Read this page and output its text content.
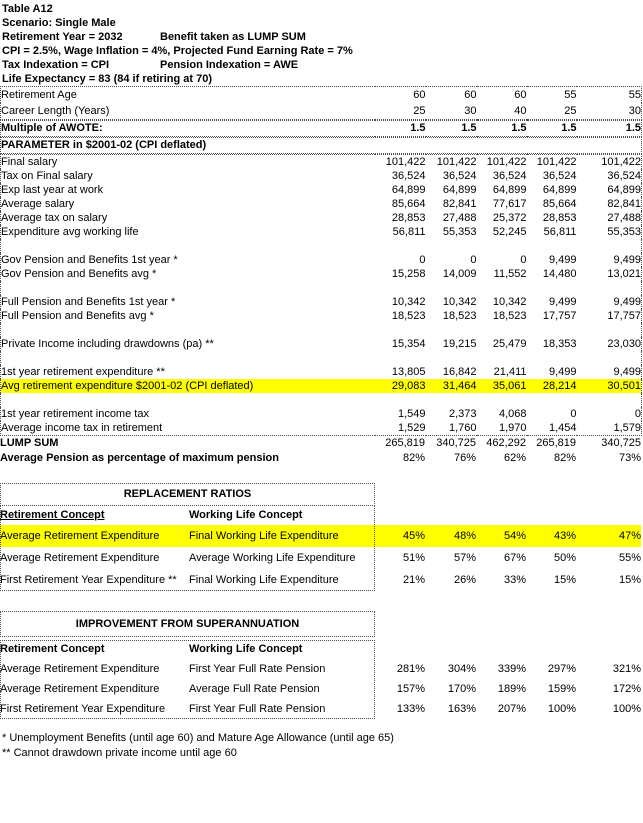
Table A12
Scenario: Single Male
Retirement Year = 2032	Benefit taken as LUMP SUM
CPI = 2.5%, Wage Inflation = 4%, Projected Fund Earning Rate = 7%
Tax Indexation = CPI	Pension Indexation = AWE
Life Expectancy = 83 (84 if retiring at 70)
Retirement Age	60	60	60	55	55
Career Length (Years)	25	30	40	25	30
Multiple of AWOTE:	1.5	1.5	1.5	1.5	1.5
PARAMETER in $2001-02 (CPI deflated)
Final salary	101,422	101,422	101,422	101,422	101,422
Tax on Final salary	36,524	36,524	36,524	36,524	36,524
Exp last year at work	64,899	64,899	64,899	64,899	64,899
Average salary	85,664	82,841	77,617	85,664	82,841
Average tax on salary	28,853	27,488	25,372	28,853	27,488
Expenditure avg working life	56,811	55,353	52,245	56,811	55,353

Gov Pension and Benefits 1st year *	0	0	0	9,499	9,499
Gov Pension and Benefits avg *	15,258	14,009	11,552	14,480	13,021

Full Pension and Benefits 1st year *	10,342	10,342	10,342	9,499	9,499
Full Pension and Benefits avg *	18,523	18,523	18,523	17,757	17,757

Private Income including drawdowns (pa) **	15,354	19,215	25,479	18,353	23,030

1st year retirement expenditure **	13,805	16,842	21,411	9,499	9,499
Avg retirement expenditure $2001-02 (CPI deflated)	29,083	31,464	35,061	28,214	30,501

1st year retirement income tax	1,549	2,373	4,068	0	0
Average income tax in retirement	1,529	1,760	1,970	1,454	1,579
LUMP SUM	265,819	340,725	462,292	265,819	340,725
Average Pension as percentage of maximum pension	82%	76%	62%	82%	73%
REPLACEMENT RATIOS
Retirement Concept	Working Life Concept					
Average Retirement Expenditure	Final Working Life Expenditure	45%	48%	54%	43%	47%
Average Retirement Expenditure	Average Working Life Expenditure	51%	57%	67%	50%	55%
First Retirement Year Expenditure **	Final Working Life Expenditure	21%	26%	33%	15%	15%
IMPROVEMENT FROM SUPERANNUATION
Retirement Concept	Working Life Concept					
Average Retirement Expenditure	First Year Full Rate Pension	281%	304%	339%	297%	321%
Average Retirement Expenditure	Average Full Rate Pension	157%	170%	189%	159%	172%
First Retirement Year Expenditure	First Year Full Rate Pension	133%	163%	207%	100%	100%
* Unemployment Benefits (until age 60) and Mature Age Allowance (until age 65)
** Cannot drawdown private income until age 60
